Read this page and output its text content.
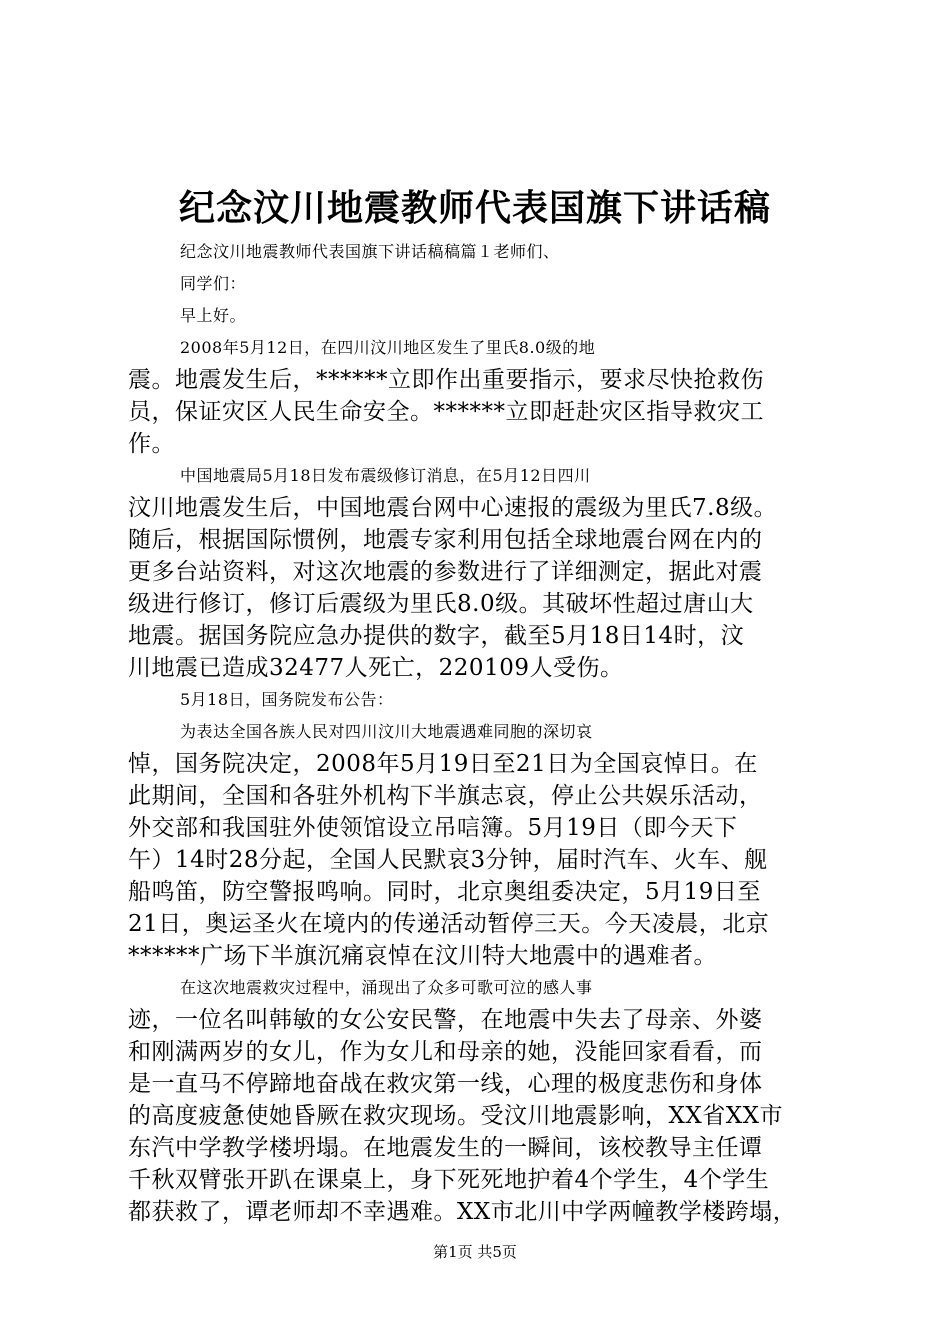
纪念汶川地震教师代表国旗下讲话稿
纪念汶川地震教师代表国旗下讲话稿稿篇１老师们、
同学们：
早上好。
2008年5月12日，在四川汶川地区发生了里氏8.0级的地
震。地震发生后，******立即作出重要指示，要求尽快抢救伤
员，保证灾区人民生命安全。******立即赶赴灾区指导救灾工
作。
中国地震局5月18日发布震级修订消息，在5月12日四川
汶川地震发生后，中国地震台网中心速报的震级为里氏7.8级。
随后，根据国际惯例，地震专家利用包括全球地震台网在内的
更多台站资料，对这次地震的参数进行了详细测定，据此对震
级进行修订，修订后震级为里氏8.0级。其破坏性超过唐山大
地震。据国务院应急办提供的数字，截至5月18日14时，汶
川地震已造成32477人死亡，220109人受伤。
5月18日，国务院发布公告：
为表达全国各族人民对四川汶川大地震遇难同胞的深切哀
悼，国务院决定，2008年5月19日至21日为全国哀悼日。在
此期间，全国和各驻外机构下半旗志哀，停止公共娱乐活动，
外交部和我国驻外使领馆设立吊唁簿。5月19日（即今天下
午）14时28分起，全国人民默哀3分钟，届时汽车、火车、舰
船鸣笛，防空警报鸣响。同时，北京奥组委决定，5月19日至
21日，奥运圣火在境内的传递活动暂停三天。今天凌晨，北京
******广场下半旗沉痛哀悼在汶川特大地震中的遇难者。
在这次地震救灾过程中，涌现出了众多可歌可泣的感人事
迹，一位名叫韩敏的女公安民警，在地震中失去了母亲、外婆
和刚满两岁的女儿，作为女儿和母亲的她，没能回家看看，而
是一直马不停蹄地奋战在救灾第一线，心理的极度悲伤和身体
的高度疲惫使她昏厥在救灾现场。受汶川地震影响，XX省XX市
东汽中学教学楼坍塌。在地震发生的一瞬间，该校教导主任谭
千秋双臂张开趴在课桌上，身下死死地护着4个学生，4个学生
都获救了，谭老师却不幸遇难。XX市北川中学两幢教学楼跨塌，
第1页 共5页
